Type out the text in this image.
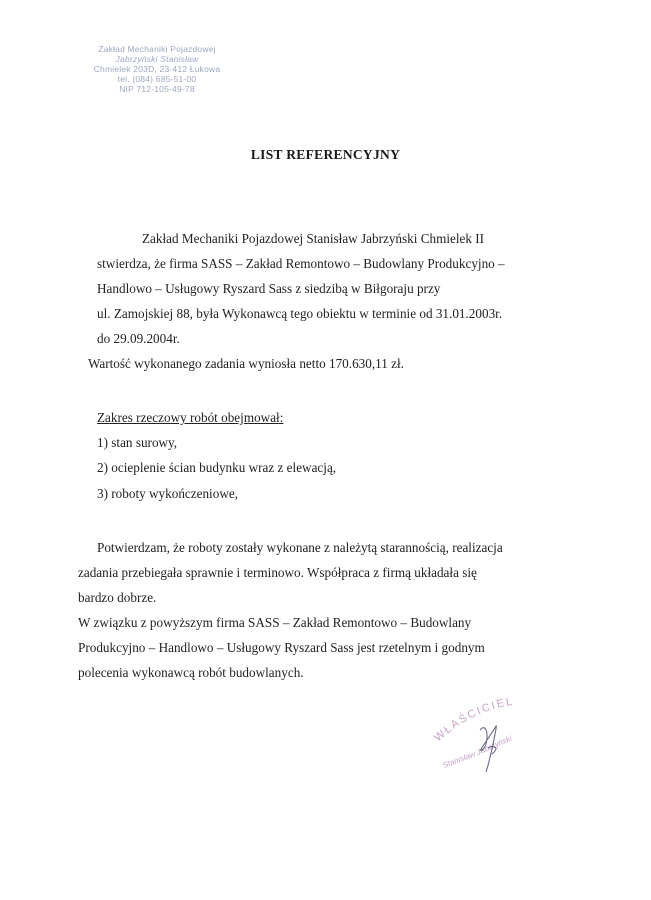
Zakład Mechaniki Pojazdowej
Jabrzyński Stanisław
Chmielek 203D, 23-412 Łukowa
tel. (084) 685-51-00
NIP 712-105-49-78
LIST REFERENCYJNY
Zakład Mechaniki Pojazdowej Stanisław Jabrzyński Chmielek II
stwierdza, że firma SASS – Zakład Remontowo – Budowlany Produkcyjno –
Handlowo – Usługowy Ryszard Sass z siedzibą w Biłgoraju przy
ul. Zamojskiej 88, była Wykonawcą tego obiektu w terminie od 31.01.2003r.
do 29.09.2004r.
Wartość wykonanego zadania wyniosła netto 170.630,11 zł.
Zakres rzeczowy robót obejmował:
1) stan surowy,
2) ocieplenie ścian budynku wraz z elewacją,
3) roboty wykończeniowe,
Potwierdzam, że roboty zostały wykonane z należytą starannością, realizacja
zadania przebiegała sprawnie i terminowo. Współpraca z firmą układała się
bardzo dobrze.
W związku z powyższym firma SASS – Zakład Remontowo – Budowlany
Produkcyjno – Handlowo – Usługowy Ryszard Sass jest rzetelnym i godnym
polecenia wykonawcą robót budowlanych.
WŁAŚCICIEL
Stanisław Jabrzyński
